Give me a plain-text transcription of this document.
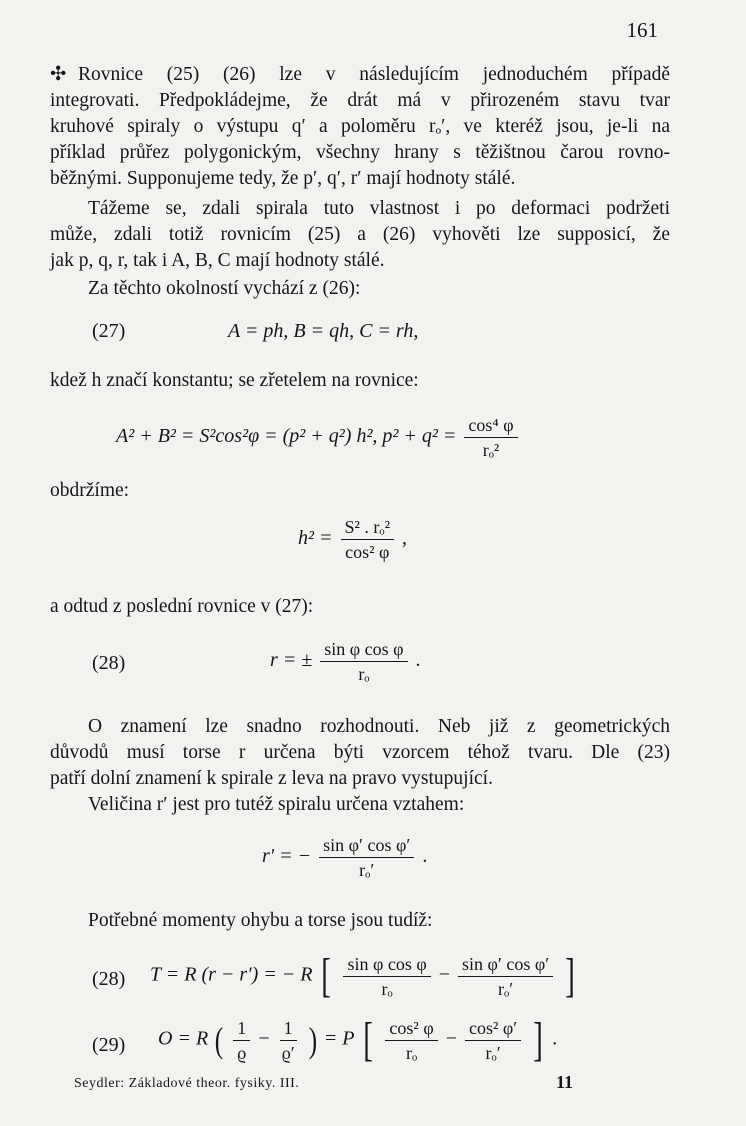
161
✣ Rovnice (25) (26) lze v následujícím jednoduchém případě
integrovati. Předpokládejme, že drát má v přirozeném stavu tvar
kruhové spiraly o výstupu q′ a poloměru rₒ′, ve kteréž jsou, je-li na
příklad průřez polygonickým, všechny hrany s těžištnou čarou rovno-
běžnými. Supponujeme tedy, že p′, q′, r′ mají hodnoty stálé.
Tážeme se, zdali spirala tuto vlastnost i po deformaci podržeti
může, zdali totiž rovnicím (25) a (26) vyhověti lze supposicí, že
jak p, q, r, tak i A, B, C mají hodnoty stálé.
Za těchto okolností vychází z (26):
(27)	A = ph, B = qh, C = rh,
kdež h značí konstantu; se zřetelem na rovnice:
A² + B² = S²cos²φ = (p² + q²) h², $p^2 + q^2 = \frac{\text{cos⁴ φ}}{\text{rₒ²}}$
obdržíme:
$h^2 = \frac{\text{S² . rₒ²}}{\text{cos² φ}}$ ,
a odtud z poslední rovnice v (27):
(28)	r = ± $\frac{\text{sin φ cos φ}}{\text{rₒ}}$ .
O znamení lze snadno rozhodnouti. Neb již z geometrických
důvodů musí torse r určena býti vzorcem téhož tvaru. Dle (23)
patří dolní znamení k spirale z leva na pravo vystupující.
Veličina r′ jest pro tutéž spiralu určena vztahem:
r′ = − $\frac{\text{sin φ′ cos φ′}}{\text{rₒ′}}$ .
Potřebné momenty ohybu a torse jsou tudíž:
(28) T = R (r − r′) = − R [ $\frac{\text{sin φ cos φ}}{\text{rₒ}} - \frac{\text{sin φ′ cos φ′}}{\text{rₒ′}}$ ]
(29) O = R ( $\frac{1}{ϱ} - \frac{1}{ϱ'}$ ) = P [ $\frac{\text{cos² φ}}{\text{rₒ}} - \frac{\text{cos² φ′}}{\text{rₒ′}}$ ] .
Seydler: Základové theor. fysiky. III.	11
